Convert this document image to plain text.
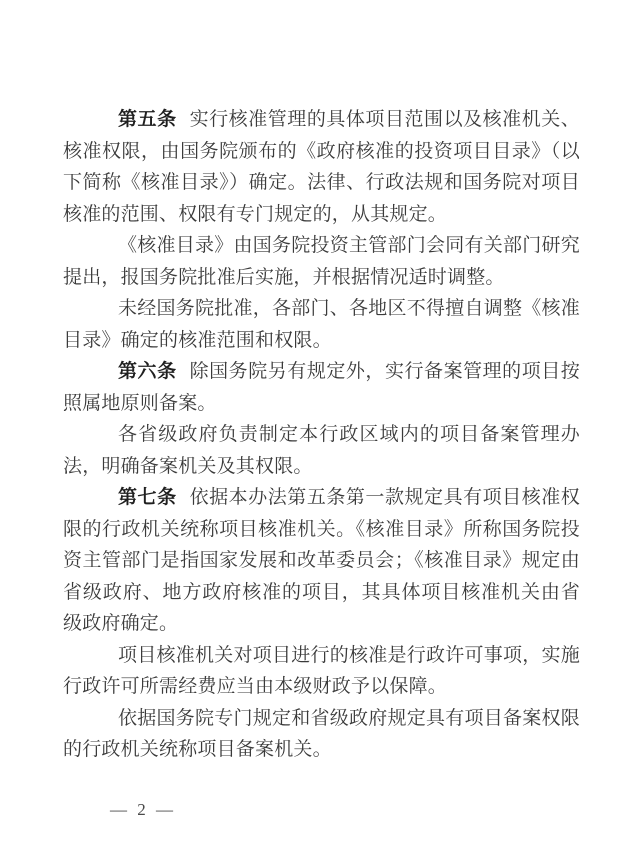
第五条 实行核准管理的具体项目范围以及核准机关、核准权限，由国务院颁布的《政府核准的投资项目目录》（以下简称《核准目录》）确定。法律、行政法规和国务院对项目核准的范围、权限有专门规定的，从其规定。

《核准目录》由国务院投资主管部门会同有关部门研究提出，报国务院批准后实施，并根据情况适时调整。

未经国务院批准，各部门、各地区不得擅自调整《核准目录》确定的核准范围和权限。

第六条 除国务院另有规定外，实行备案管理的项目按照属地原则备案。

各省级政府负责制定本行政区域内的项目备案管理办法，明确备案机关及其权限。

第七条 依据本办法第五条第一款规定具有项目核准权限的行政机关统称项目核准机关。《核准目录》所称国务院投资主管部门是指国家发展和改革委员会；《核准目录》规定由省级政府、地方政府核准的项目，其具体项目核准机关由省级政府确定。

项目核准机关对项目进行的核准是行政许可事项，实施行政许可所需经费应当由本级财政予以保障。

依据国务院专门规定和省级政府规定具有项目备案权限的行政机关统称项目备案机关。

— 2 —
